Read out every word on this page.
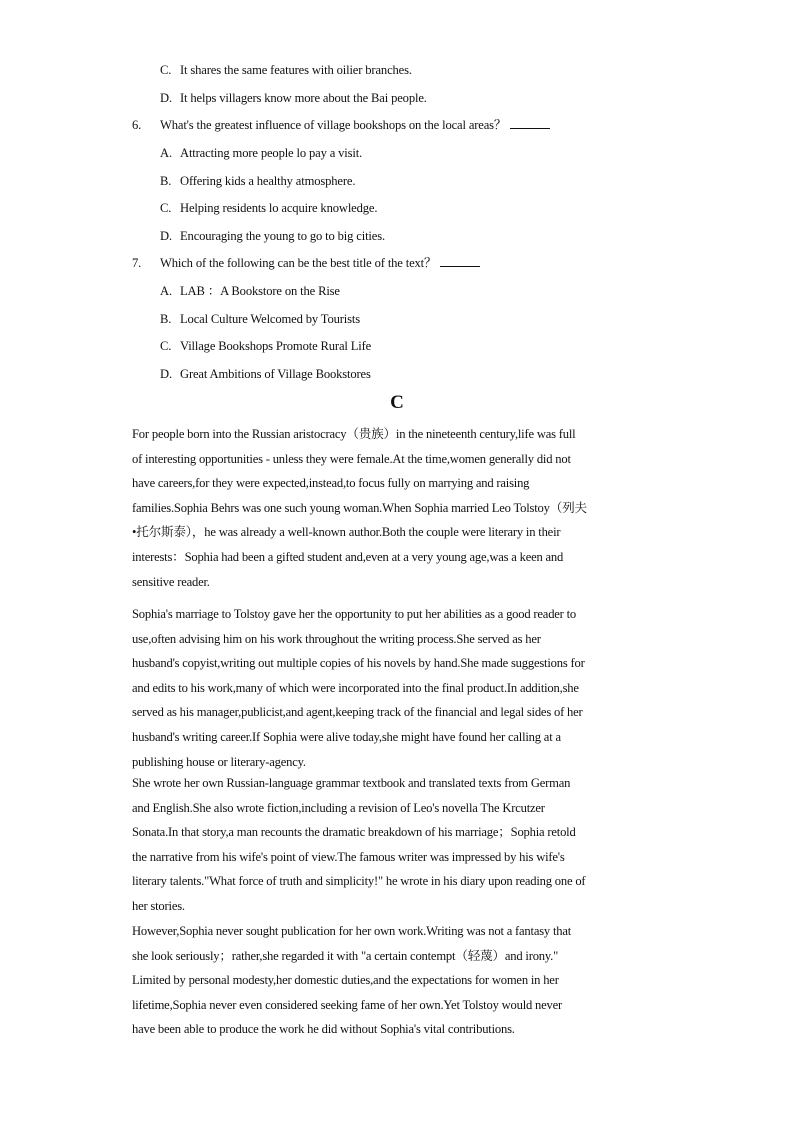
C. It shares the same features with oilier branches.
D. It helps villagers know more about the Bai people.
6. What's the greatest influence of village bookshops on the local areas？
A. Attracting more people lo pay a visit.
B. Offering kids a healthy atmosphere.
C. Helping residents lo acquire knowledge.
D. Encouraging the young to go to big cities.
7. Which of the following can be the best title of the text？
A. LAB ：A Bookstore on the Rise
B. Local Culture Welcomed by Tourists
C. Village Bookshops Promote Rural Life
D. Great Ambitions of Village Bookstores
C
For people born into the Russian aristocracy（贵族）in the nineteenth century,life was full
of interesting opportunities - unless they were female.At the time,women generally did not
have careers,for they were expected,instead,to focus fully on marrying and raising
families.Sophia Behrs was one such young woman.When Sophia married Leo Tolstoy（列夫
•托尔斯泰），he was already a well-known author.Both the couple were literary in their
interests：Sophia had been a gifted student and,even at a very young age,was a keen and
sensitive reader.
Sophia's marriage to Tolstoy gave her the opportunity to put her abilities as a good reader to
use,often advising him on his work throughout the writing process.She served as her
husband's copyist,writing out multiple copies of his novels by hand.She made suggestions for
and edits to his work,many of which were incorporated into the final product.In addition,she
served as his manager,publicist,and agent,keeping track of the financial and legal sides of her
husband's writing career.If Sophia were alive today,she might have found her calling at a
publishing house or literary-agency.
She wrote her own Russian-language grammar textbook and translated texts from German
and English.She also wrote fiction,including a revision of Leo's novella The Krcutzer
Sonata.In that story,a man recounts the dramatic breakdown of his marriage；Sophia retold
the narrative from his wife's point of view.The famous writer was impressed by his wife's
literary talents."What force of truth and simplicity!" he wrote in his diary upon reading one of
her stories.
However,Sophia never sought publication for her own work.Writing was not a fantasy that
she look seriously；rather,she regarded it with "a certain contempt（轻蔑）and irony."
Limited by personal modesty,her domestic duties,and the expectations for women in her
lifetime,Sophia never even considered seeking fame of her own.Yet Tolstoy would never
have been able to produce the work he did without Sophia's vital contributions.
